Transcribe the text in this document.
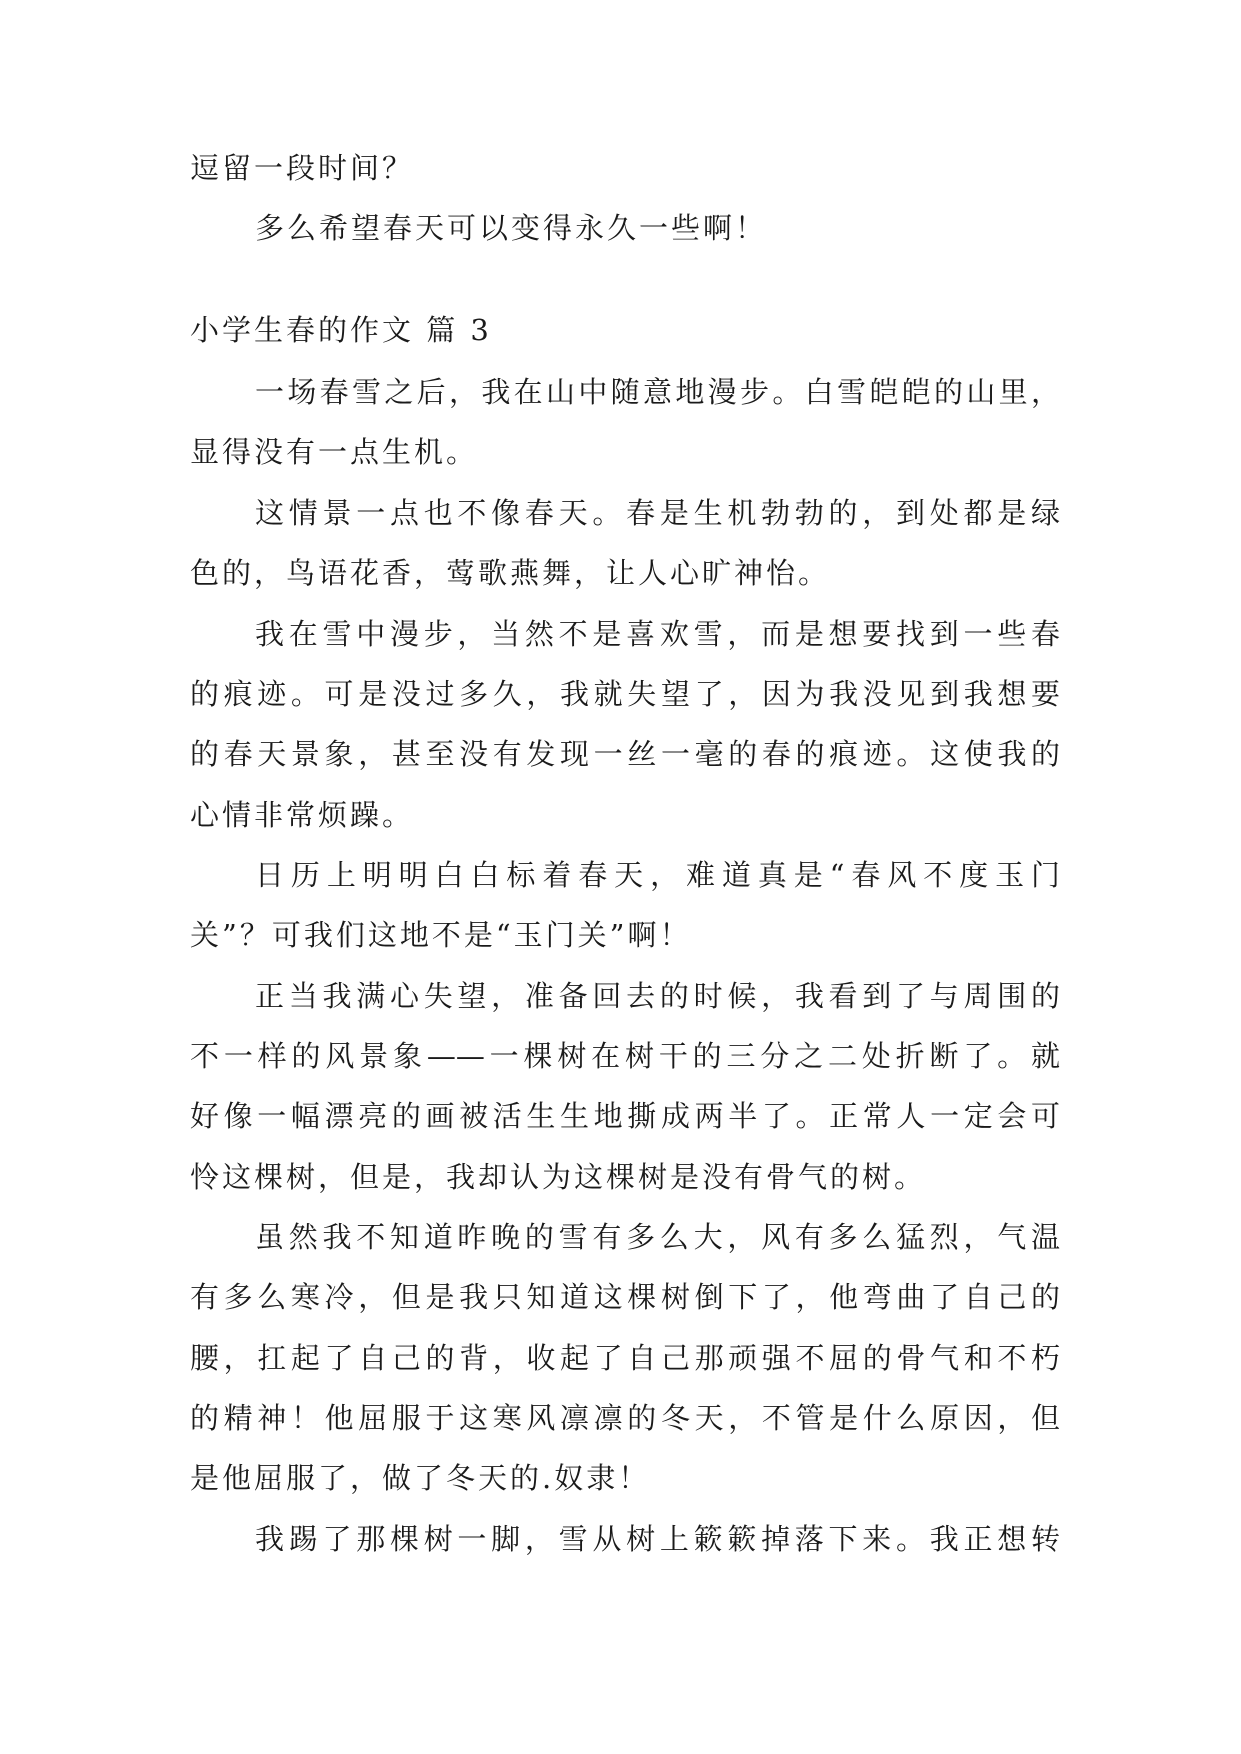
逗留一段时间？
多么希望春天可以变得永久一些啊！
小学生春的作文 篇 3
一场春雪之后，我在山中随意地漫步。白雪皑皑的山里，
显得没有一点生机。
这情景一点也不像春天。春是生机勃勃的，到处都是绿
色的，鸟语花香，莺歌燕舞，让人心旷神怡。
我在雪中漫步，当然不是喜欢雪，而是想要找到一些春
的痕迹。可是没过多久，我就失望了，因为我没见到我想要
的春天景象，甚至没有发现一丝一毫的春的痕迹。这使我的
心情非常烦躁。
日历上明明白白标着春天，难道真是“春风不度玉门
关”？可我们这地不是“玉门关”啊！
正当我满心失望，准备回去的时候，我看到了与周围的
不一样的风景象——一棵树在树干的三分之二处折断了。就
好像一幅漂亮的画被活生生地撕成两半了。正常人一定会可
怜这棵树，但是，我却认为这棵树是没有骨气的树。
虽然我不知道昨晚的雪有多么大，风有多么猛烈，气温
有多么寒冷，但是我只知道这棵树倒下了，他弯曲了自己的
腰，扛起了自己的背，收起了自己那顽强不屈的骨气和不朽
的精神！他屈服于这寒风凛凛的冬天，不管是什么原因，但
是他屈服了，做了冬天的.奴隶！
我踢了那棵树一脚，雪从树上簌簌掉落下来。我正想转
